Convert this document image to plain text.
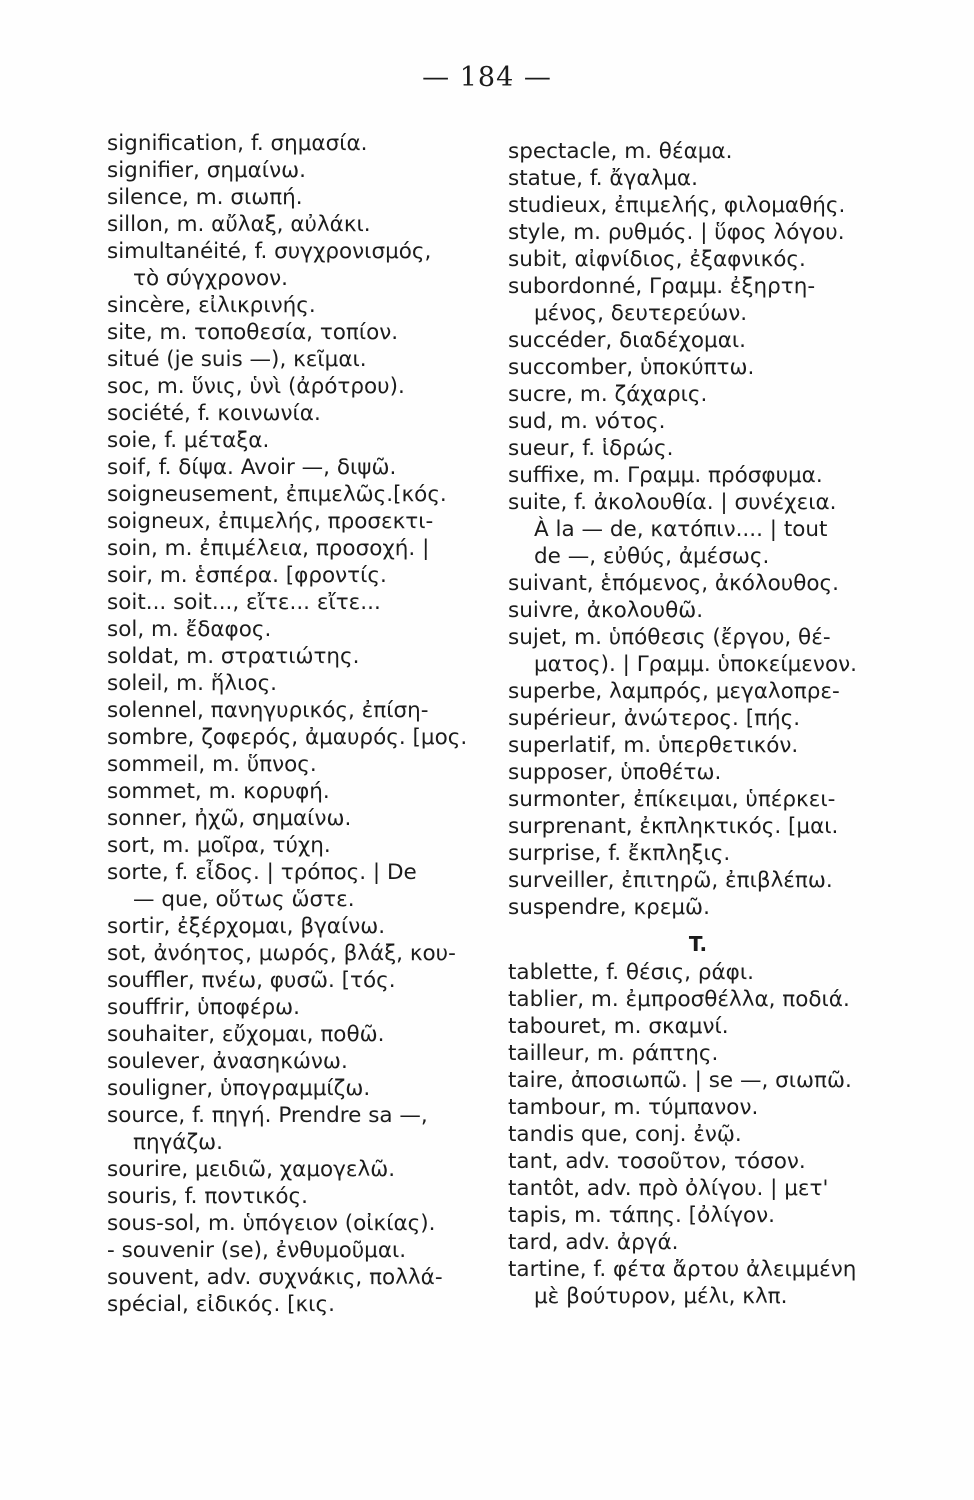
— 184 —
signification, f. σημασία.
signifier, σημαίνω.
silence, m. σιωπή.
sillon, m. αὔλαξ, αὐλάκι.
simultanéité, f. συγχρονισμός,
τὸ σύγχρονον.
sincère, εἰλικρινής.
site, m. τοποθεσία, τοπίον.
situé (je suis —), κεῖμαι.
soc, m. ὕνις, ὑνὶ (ἀρότρου).
société, f. κοινωνία.
soie, f. μέταξα.
soif, f. δίψα. Avoir —, διψῶ.
soigneusement, ἐπιμελῶς.[κός.
soigneux, ἐπιμελής, προσεκτι-
soin, m. ἐπιμέλεια, προσοχή. |
soir, m. ἑσπέρα. [φροντίς.
soit... soit..., εἴτε... εἴτε...
sol, m. ἔδαφος.
soldat, m. στρατιώτης.
soleil, m. ἥλιος.
solennel, πανηγυρικός, ἐπίση-
sombre, ζοφερός, ἀμαυρός. [μος.
sommeil, m. ὕπνος.
sommet, m. κορυφή.
sonner, ἠχῶ, σημαίνω.
sort, m. μοῖρα, τύχη.
sorte, f. εἶδος. | τρόπος. | De
— que, οὕτως ὥστε.
sortir, ἐξέρχομαι, βγαίνω.
sot, ἀνόητος, μωρός, βλάξ, κου-
souffler, πνέω, φυσῶ. [τός.
souffrir, ὑποφέρω.
souhaiter, εὔχομαι, ποθῶ.
soulever, ἀνασηκώνω.
souligner, ὑπογραμμίζω.
source, f. πηγή. Prendre sa —,
πηγάζω.
sourire, μειδιῶ, χαμογελῶ.
souris, f. ποντικός.
sous-sol, m. ὑπόγειον (οἰκίας).
- souvenir (se), ἐνθυμοῦμαι.
souvent, adv. συχνάκις, πολλά-
spécial, εἰδικός. [κις.
spectacle, m. θέαμα.
statue, f. ἄγαλμα.
studieux, ἐπιμελής, φιλομαθής.
style, m. ρυθμός. | ὕφος λόγου.
subit, αἰφνίδιος, ἐξαφνικός.
subordonné, Γραμμ. ἐξηρτη-
μένος, δευτερεύων.
succéder, διαδέχομαι.
succomber, ὑποκύπτω.
sucre, m. ζάχαρις.
sud, m. νότος.
sueur, f. ἱδρώς.
suffixe, m. Γραμμ. πρόσφυμα.
suite, f. ἀκολουθία. | συνέχεια.
À la — de, κατόπιν.... | tout
de —, εὐθύς, ἀμέσως.
suivant, ἑπόμενος, ἀκόλουθος.
suivre, ἀκολουθῶ.
sujet, m. ὑπόθεσις (ἔργου, θέ-
ματος). | Γραμμ. ὑποκείμενον.
superbe, λαμπρός, μεγαλοπρε-
supérieur, ἀνώτερος. [πής.
superlatif, m. ὑπερθετικόν.
supposer, ὑποθέτω.
surmonter, ἐπίκειμαι, ὑπέρκει-
surprenant, ἐκπληκτικός. [μαι.
surprise, f. ἔκπληξις.
surveiller, ἐπιτηρῶ, ἐπιβλέπω.
suspendre, κρεμῶ.
T.
tablette, f. θέσις, ράφι.
tablier, m. ἐμπροσθέλλα, ποδιά.
tabouret, m. σκαμνί.
tailleur, m. ράπτης.
taire, ἀποσιωπῶ. | se —, σιωπῶ.
tambour, m. τύμπανον.
tandis que, conj. ἐνῷ.
tant, adv. τοσοῦτον, τόσον.
tantôt, adv. πρὸ ὀλίγου. | μετ'
tapis, m. τάπης. [ὀλίγον.
tard, adv. ἀργά.
tartine, f. φέτα ἄρτου ἀλειμμένη
μὲ βούτυρον, μέλι, κλπ.
